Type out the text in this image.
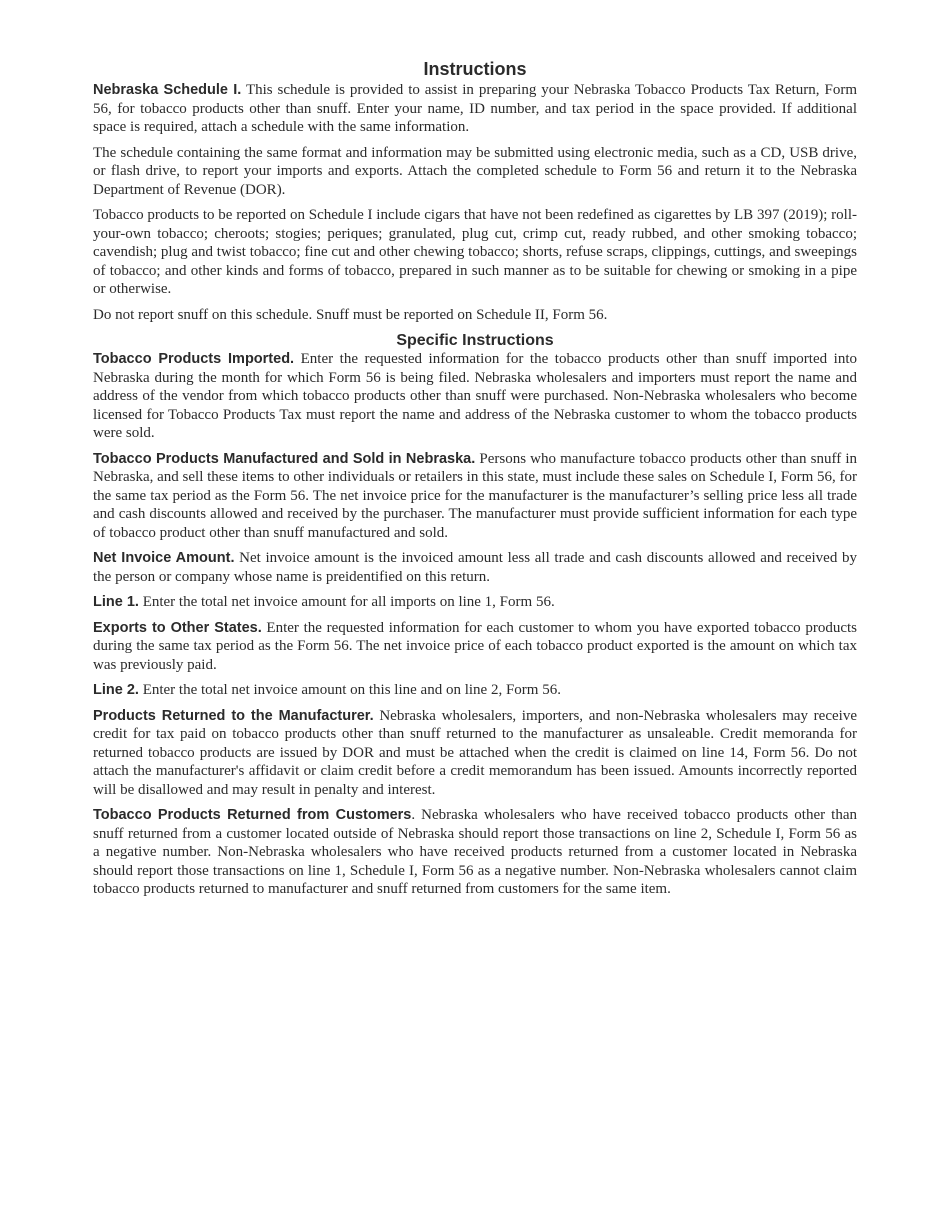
Instructions

Nebraska Schedule I. This schedule is provided to assist in preparing your Nebraska Tobacco Products Tax Return, Form 56, for tobacco products other than snuff. Enter your name, ID number, and tax period in the space provided. If additional space is required, attach a schedule with the same information.

The schedule containing the same format and information may be submitted using electronic media, such as a CD, USB drive, or flash drive, to report your imports and exports. Attach the completed schedule to Form 56 and return it to the Nebraska Department of Revenue (DOR).

Tobacco products to be reported on Schedule I include cigars that have not been redefined as cigarettes by LB 397 (2019); roll-your-own tobacco; cheroots; stogies; periques; granulated, plug cut, crimp cut, ready rubbed, and other smoking tobacco; cavendish; plug and twist tobacco; fine cut and other chewing tobacco; shorts, refuse scraps, clippings, cuttings, and sweepings of tobacco; and other kinds and forms of tobacco, prepared in such manner as to be suitable for chewing or smoking in a pipe or otherwise.

Do not report snuff on this schedule. Snuff must be reported on Schedule II, Form 56.

Specific Instructions

Tobacco Products Imported. Enter the requested information for the tobacco products other than snuff imported into Nebraska during the month for which Form 56 is being filed. Nebraska wholesalers and importers must report the name and address of the vendor from which tobacco products other than snuff were purchased. Non-Nebraska wholesalers who become licensed for Tobacco Products Tax must report the name and address of the Nebraska customer to whom the tobacco products were sold.

Tobacco Products Manufactured and Sold in Nebraska. Persons who manufacture tobacco products other than snuff in Nebraska, and sell these items to other individuals or retailers in this state, must include these sales on Schedule I, Form 56, for the same tax period as the Form 56. The net invoice price for the manufacturer is the manufacturer’s selling price less all trade and cash discounts allowed and received by the purchaser. The manufacturer must provide sufficient information for each type of tobacco product other than snuff manufactured and sold.

Net Invoice Amount. Net invoice amount is the invoiced amount less all trade and cash discounts allowed and received by the person or company whose name is preidentified on this return.

Line 1. Enter the total net invoice amount for all imports on line 1, Form 56.

Exports to Other States. Enter the requested information for each customer to whom you have exported tobacco products during the same tax period as the Form 56. The net invoice price of each tobacco product exported is the amount on which tax was previously paid.

Line 2. Enter the total net invoice amount on this line and on line 2, Form 56.

Products Returned to the Manufacturer. Nebraska wholesalers, importers, and non-Nebraska wholesalers may receive credit for tax paid on tobacco products other than snuff returned to the manufacturer as unsaleable. Credit memoranda for returned tobacco products are issued by DOR and must be attached when the credit is claimed on line 14, Form 56. Do not attach the manufacturer's affidavit or claim credit before a credit memorandum has been issued. Amounts incorrectly reported will be disallowed and may result in penalty and interest.

Tobacco Products Returned from Customers. Nebraska wholesalers who have received tobacco products other than snuff returned from a customer located outside of Nebraska should report those transactions on line 2, Schedule I, Form 56 as a negative number. Non-Nebraska wholesalers who have received products returned from a customer located in Nebraska should report those transactions on line 1, Schedule I, Form 56 as a negative number. Non-Nebraska wholesalers cannot claim tobacco products returned to manufacturer and snuff returned from customers for the same item.
